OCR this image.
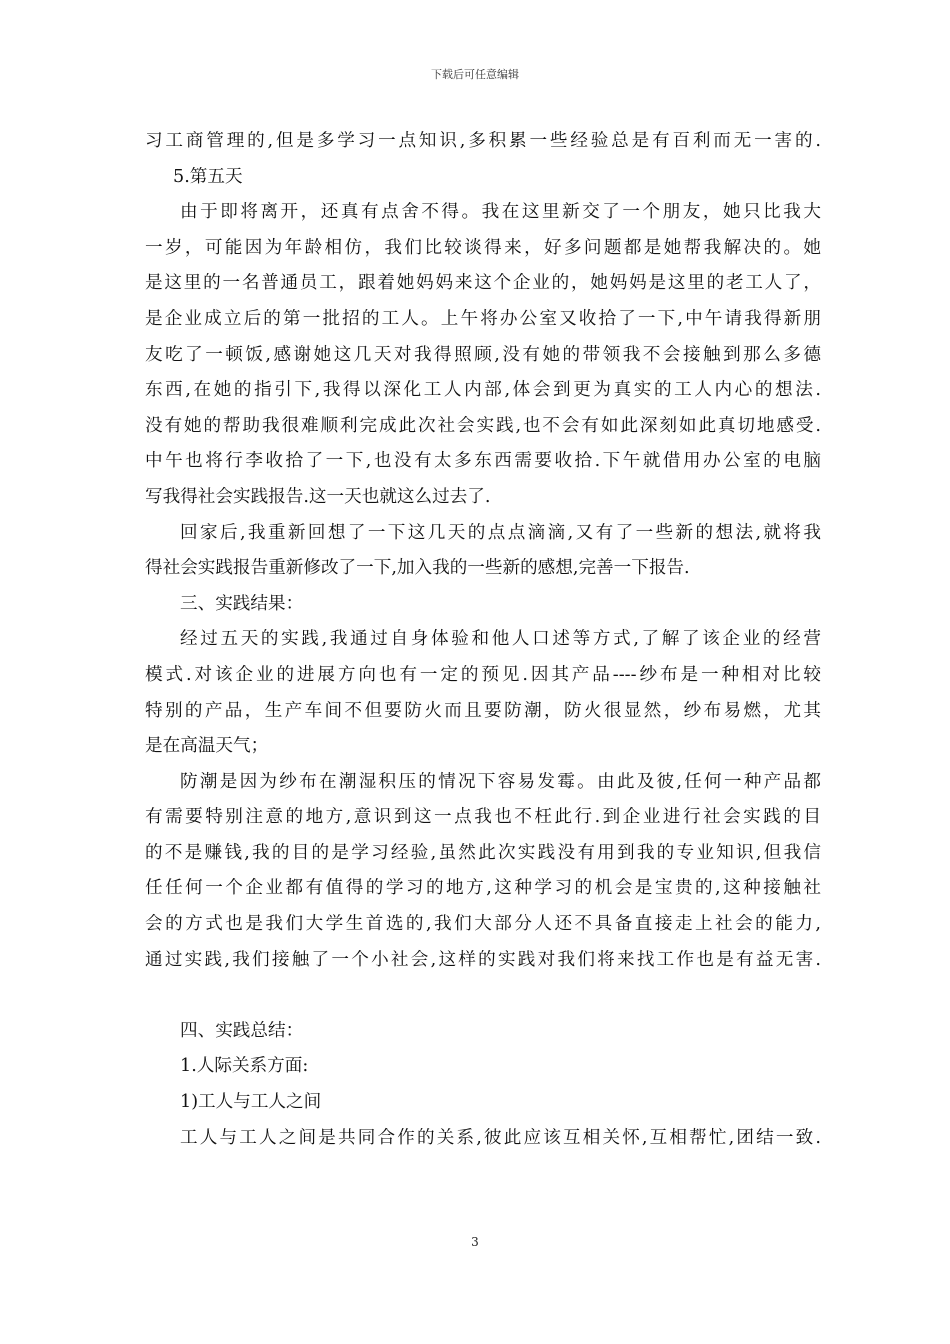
下载后可任意编辑
习工商管理的,但是多学习一点知识,多积累一些经验总是有百利而无一害的.
5.第五天
由于即将离开，还真有点舍不得。我在这里新交了一个朋友，她只比我大
一岁，可能因为年龄相仿，我们比较谈得来，好多问题都是她帮我解决的。她
是这里的一名普通员工，跟着她妈妈来这个企业的，她妈妈是这里的老工人了，
是企业成立后的第一批招的工人。上午将办公室又收拾了一下,中午请我得新朋
友吃了一顿饭,感谢她这几天对我得照顾,没有她的带领我不会接触到那么多德
东西,在她的指引下,我得以深化工人内部,体会到更为真实的工人内心的想法.
没有她的帮助我很难顺利完成此次社会实践,也不会有如此深刻如此真切地感受.
中午也将行李收拾了一下,也没有太多东西需要收拾.下午就借用办公室的电脑
写我得社会实践报告.这一天也就这么过去了.
回家后,我重新回想了一下这几天的点点滴滴,又有了一些新的想法,就将我
得社会实践报告重新修改了一下,加入我的一些新的感想,完善一下报告.
三、实践结果：
经过五天的实践,我通过自身体验和他人口述等方式,了解了该企业的经营
模式.对该企业的进展方向也有一定的预见.因其产品----纱布是一种相对比较
特别的产品，生产车间不但要防火而且要防潮，防火很显然，纱布易燃，尤其
是在高温天气；
防潮是因为纱布在潮湿积压的情况下容易发霉。由此及彼,任何一种产品都
有需要特别注意的地方,意识到这一点我也不枉此行.到企业进行社会实践的目
的不是赚钱,我的目的是学习经验,虽然此次实践没有用到我的专业知识,但我信
任任何一个企业都有值得的学习的地方,这种学习的机会是宝贵的,这种接触社
会的方式也是我们大学生首选的,我们大部分人还不具备直接走上社会的能力,
通过实践,我们接触了一个小社会,这样的实践对我们将来找工作也是有益无害.
四、实践总结：
1.人际关系方面:
1)工人与工人之间
工人与工人之间是共同合作的关系,彼此应该互相关怀,互相帮忙,团结一致.
3
